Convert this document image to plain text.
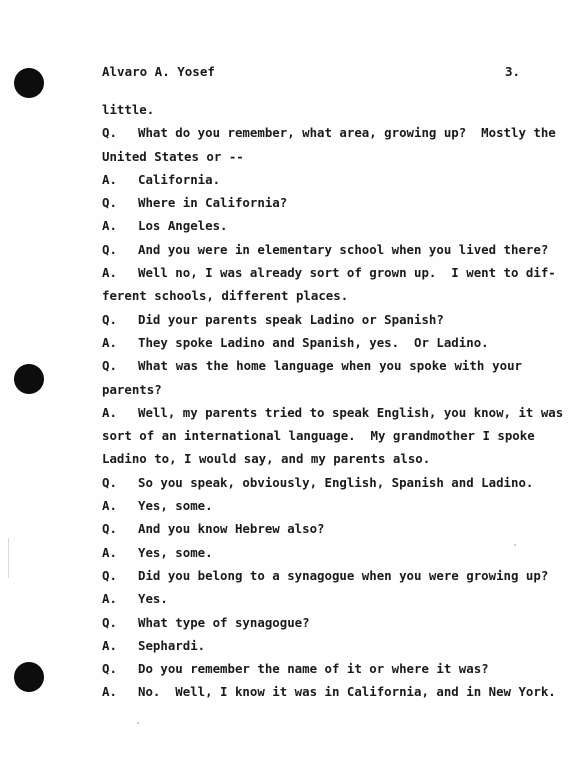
Alvaro A. Yosef	3.
little.
Q.	What do you remember, what area, growing up?  Mostly the
United States or --
A. California.
Q. Where in California?
A. Los Angeles.
Q. And you were in elementary school when you lived there?
A.	Well no, I was already sort of grown up.  I went to dif-
ferent schools, different places.
Q. Did your parents speak Ladino or Spanish?
A. They spoke Ladino and Spanish, yes.  Or Ladino.
Q.	What was the home language when you spoke with your
parents?
A.	Well, my parents tried to speak English, you know, it was
sort of an international language.  My grandmother I spoke
Ladino to, I would say, and my parents also.
Q. So you speak, obviously, English, Spanish and Ladino.
A. Yes, some.
Q. And you know Hebrew also?
A. Yes, some.
Q. Did you belong to a synagogue when you were growing up?
A. Yes.
Q. What type of synagogue?
A. Sephardi.
Q. Do you remember the name of it or where it was?
A. No.  Well, I know it was in California, and in New York.
